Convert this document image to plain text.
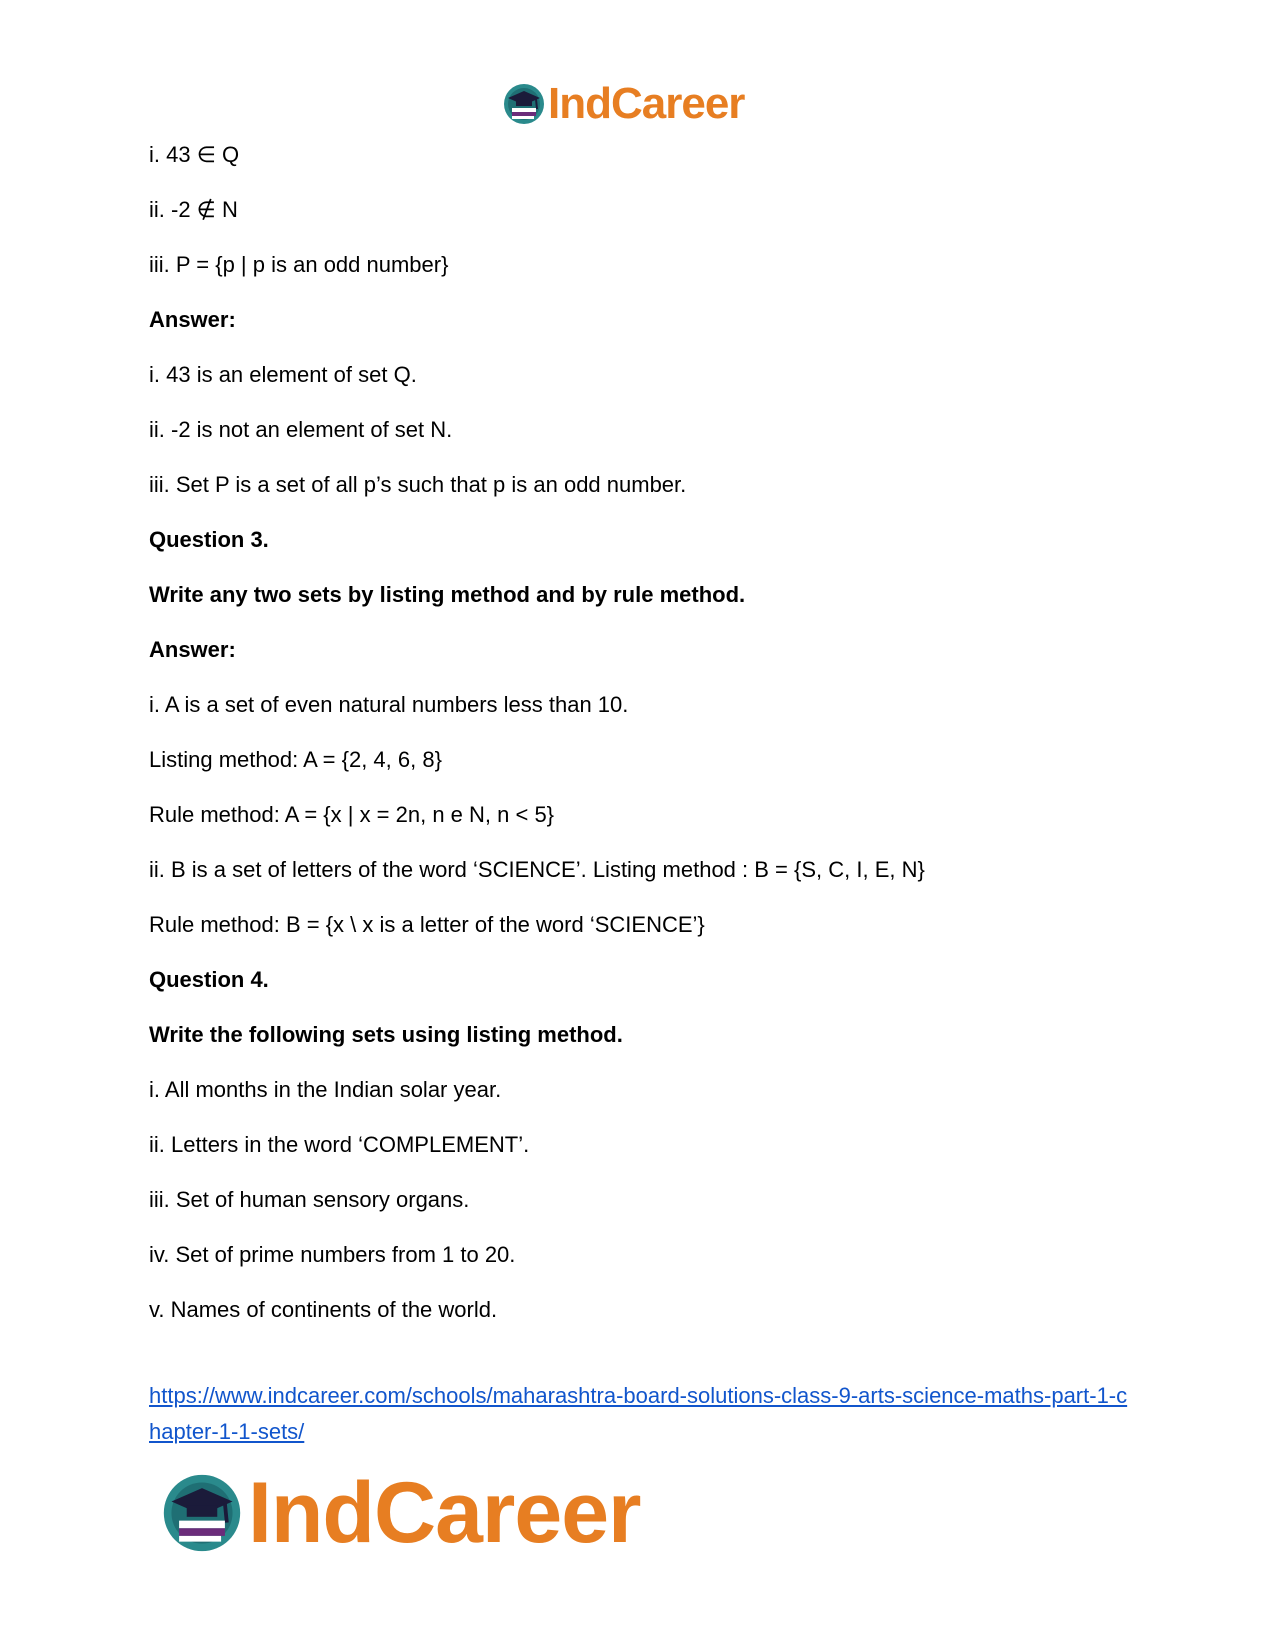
IndCareer
i. 43 ∈ Q
ii. -2 ∉ N
iii. P = {p | p is an odd number}
Answer:
i. 43 is an element of set Q.
ii. -2 is not an element of set N.
iii. Set P is a set of all p’s such that p is an odd number.
Question 3.
Write any two sets by listing method and by rule method.
Answer:
i. A is a set of even natural numbers less than 10.
Listing method: A = {2, 4, 6, 8}
Rule method: A = {x | x = 2n, n e N, n < 5}
ii. B is a set of letters of the word ‘SCIENCE’. Listing method : B = {S, C, I, E, N}
Rule method: B = {x \ x is a letter of the word ‘SCIENCE’}
Question 4.
Write the following sets using listing method.
i. All months in the Indian solar year.
ii. Letters in the word ‘COMPLEMENT’.
iii. Set of human sensory organs.
iv. Set of prime numbers from 1 to 20.
v. Names of continents of the world.
https://www.indcareer.com/schools/maharashtra-board-solutions-class-9-arts-science-maths-part-1-chapter-1-1-sets/
IndCareer
